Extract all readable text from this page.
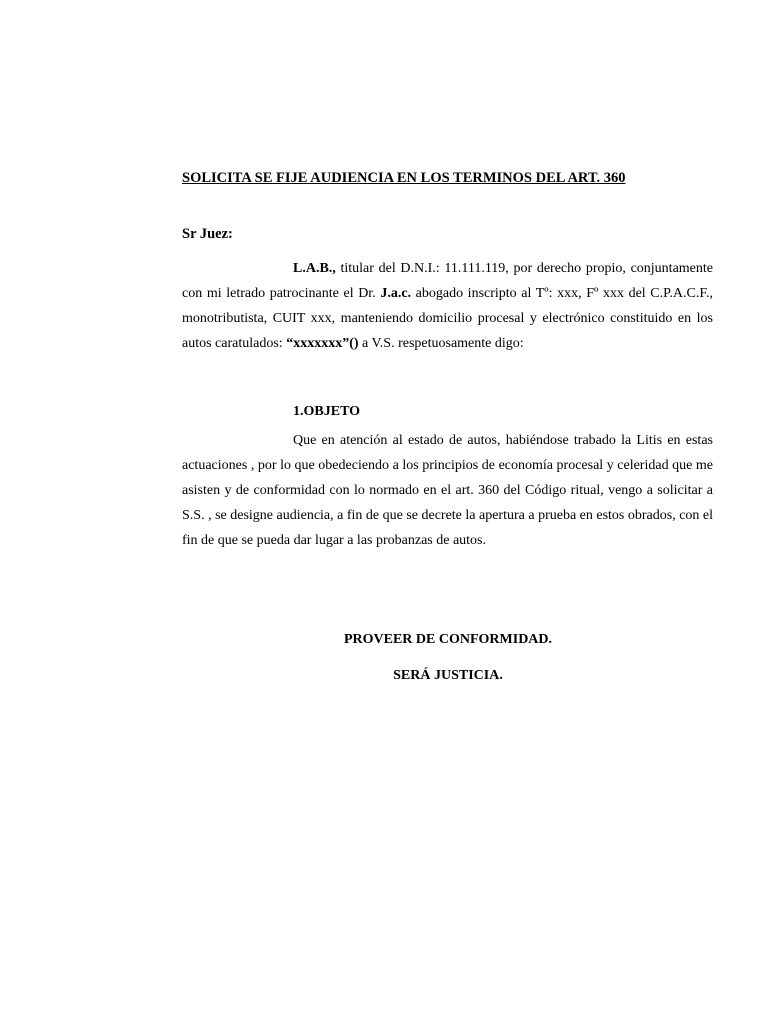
SOLICITA SE FIJE AUDIENCIA EN LOS TERMINOS DEL ART. 360
Sr Juez:
L.A.B., titular del D.N.I.: 11.111.119, por derecho propio, conjuntamente con mi letrado patrocinante el Dr. J.a.c. abogado inscripto al Tº: xxx, Fº xxx del C.P.A.C.F., monotributista, CUIT xxx, manteniendo domicilio procesal y electrónico constituido en los autos caratulados: “xxxxxxx”() a V.S. respetuosamente digo:
1.OBJETO
Que en atención al estado de autos, habiéndose trabado la Litis en estas actuaciones , por lo que obedeciendo a los principios de economía procesal y celeridad que me asisten y de conformidad con lo normado en el art. 360 del Código ritual, vengo a solicitar a S.S. , se designe audiencia, a fin de que se decrete la apertura a prueba en estos obrados, con el fin de que se pueda dar lugar a las probanzas de autos.
PROVEER DE CONFORMIDAD.
SERÁ JUSTICIA.
